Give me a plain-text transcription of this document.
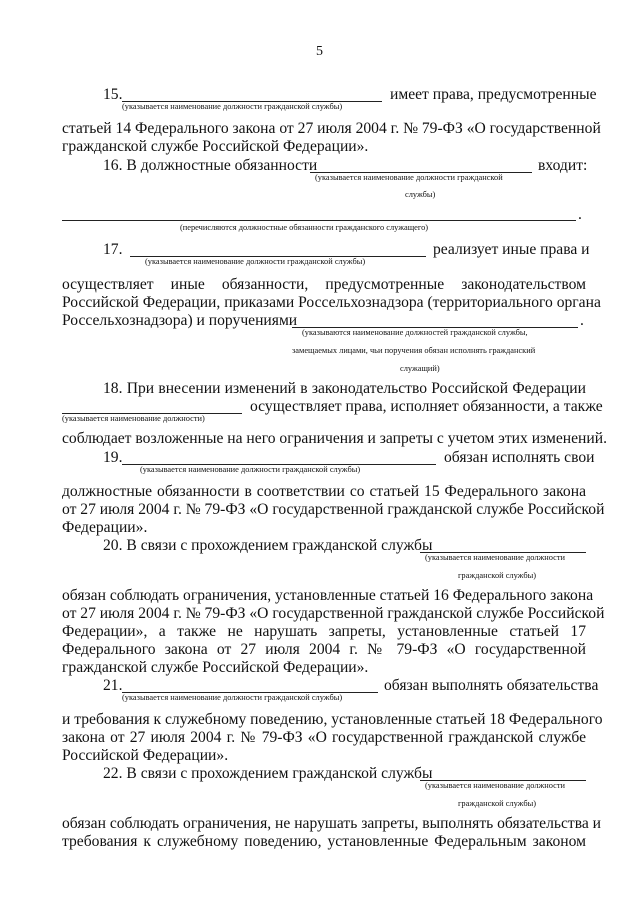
5
15.	имеет права, предусмотренные
(указывается наименование должности гражданской службы)
статьей 14 Федерального закона от 27 июля 2004 г. № 79-ФЗ «О государственной
гражданской службе Российской Федерации».
16. В должностные обязанности	входит:
(указывается наименование должности гражданской
службы)
.
(перечисляются должностные обязанности гражданского служащего)
17.	реализует иные права и
(указывается наименование должности гражданской службы)
осуществляет иные обязанности, предусмотренные законодательством
Российской Федерации, приказами Россельхознадзора (территориального органа
Россельхознадзора) и поручениями	.
(указываются наименование должностей гражданской службы,
замещаемых лицами, чьи поручения обязан исполнять гражданский
служащий)
18. При внесении изменений в законодательство Российской Федерации
осуществляет права, исполняет обязанности, а также
(указывается наименование должности)
соблюдает возложенные на него ограничения и запреты с учетом этих изменений.
19.	обязан исполнять свои
(указывается наименование должности гражданской службы)
должностные обязанности в соответствии со статьей 15 Федерального закона
от 27 июля 2004 г. № 79-ФЗ «О государственной гражданской службе Российской
Федерации».
20. В связи с прохождением гражданской службы
(указывается наименование должности
гражданской службы)
обязан соблюдать ограничения, установленные статьей 16 Федерального закона
от 27 июля 2004 г. № 79-ФЗ «О государственной гражданской службе Российской
Федерации», а также не нарушать запреты, установленные статьей 17
Федерального закона от 27 июля 2004 г. № 79-ФЗ «О государственной
гражданской службе Российской Федерации».
21.	обязан выполнять обязательства
(указывается наименование должности гражданской службы)
и требования к служебному поведению, установленные статьей 18 Федерального
закона от 27 июля 2004 г. № 79-ФЗ «О государственной гражданской службе
Российской Федерации».
22. В связи с прохождением гражданской службы
(указывается наименование должности
гражданской службы)
обязан соблюдать ограничения, не нарушать запреты, выполнять обязательства и
требования к служебному поведению, установленные Федеральным законом
